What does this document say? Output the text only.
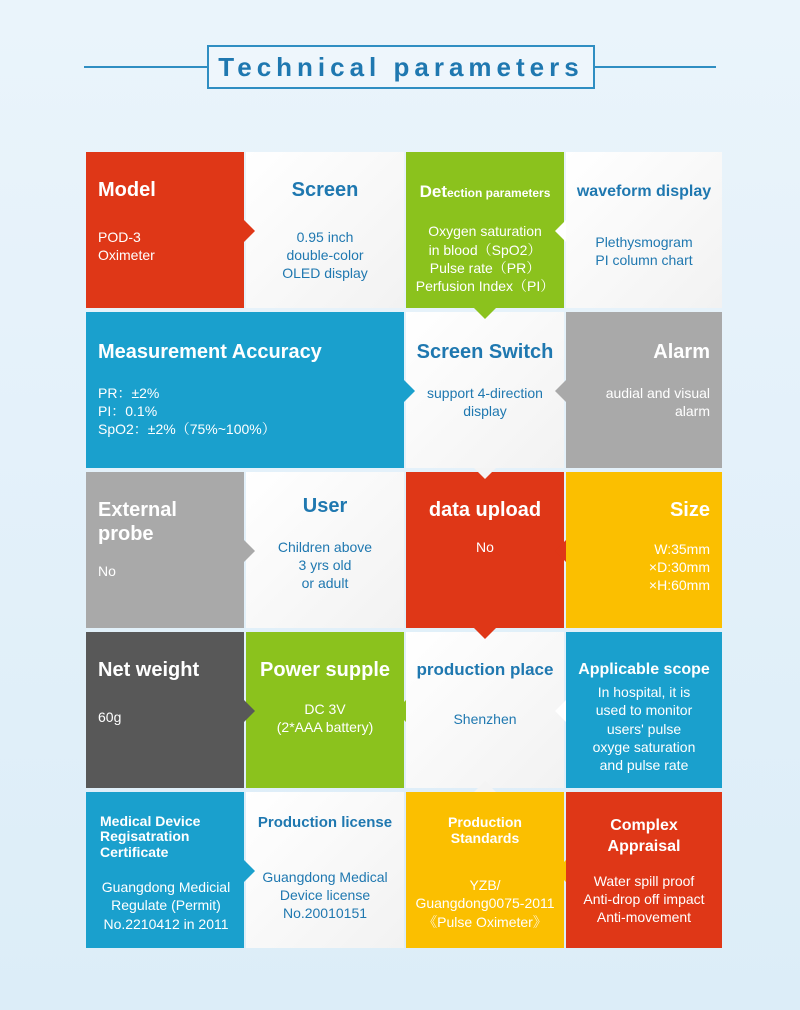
Technical parameters
Model
POD-3
Oximeter
Screen
0.95 inch
double-color
OLED display
Detection parameters
Oxygen saturation
in blood（SpO2）
Pulse rate（PR）
Perfusion Index（PI）
waveform display
Plethysmogram
PI column chart
Measurement Accuracy
PR：±2%
PI：0.1%
SpO2：±2%（75%~100%）
Screen Switch
support 4-direction
display
Alarm
audial and visual
alarm
External
probe
No
User
Children above
3 yrs old
or adult
data upload
No
Size
W:35mm
×D:30mm
×H:60mm
Net weight
60g
Power supple
DC 3V
(2*AAA battery)
production place
Shenzhen
Applicable scope
In hospital, it is
used to monitor
users' pulse
oxyge saturation
and pulse rate
Medical Device
Regisatration
Certificate
Guangdong Medicial
Regulate (Permit)
No.2210412 in 2011
Production license
Guangdong Medical
Device license
No.20010151
Production
Standards
YZB/
Guangdong0075-2011
《Pulse Oximeter》
Complex
Appraisal
Water spill proof
Anti-drop off impact
Anti-movement
